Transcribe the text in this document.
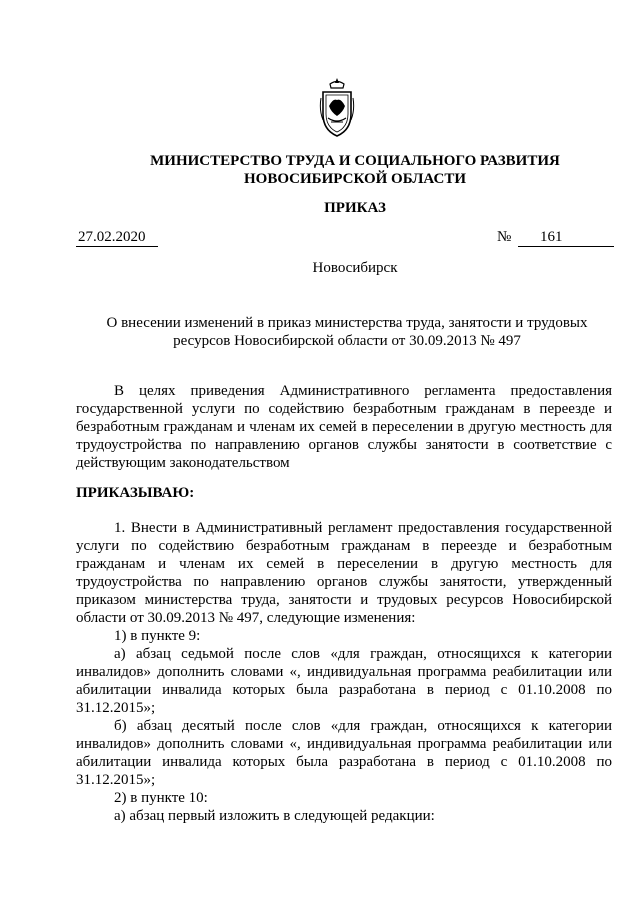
МИНИСТЕРСТВО ТРУДА И СОЦИАЛЬНОГО РАЗВИТИЯ
НОВОСИБИРСКОЙ ОБЛАСТИ
ПРИКАЗ
27.02.2020	№	161
Новосибирск
О внесении изменений в приказ министерства труда, занятости и трудовых
ресурсов Новосибирской области от 30.09.2013 № 497

В целях приведения Административного регламента предоставления государственной услуги по содействию безработным гражданам в переезде и безработным гражданам и членам их семей в переселении в другую местность для трудоустройства по направлению органов службы занятости в соответствие с действующим законодательством

ПРИКАЗЫВАЮ:

1. Внести в Административный регламент предоставления государственной услуги по содействию безработным гражданам в переезде и безработным гражданам и членам их семей в переселении в другую местность для трудоустройства по направлению органов службы занятости, утвержденный приказом министерства труда, занятости и трудовых ресурсов Новосибирской области от 30.09.2013 № 497, следующие изменения:

1) в пункте 9:

а) абзац седьмой после слов «для граждан, относящихся к категории инвалидов» дополнить словами «, индивидуальная программа реабилитации или абилитации инвалида которых была разработана в период с 01.10.2008 по 31.12.2015»;

б) абзац десятый после слов «для граждан, относящихся к категории инвалидов» дополнить словами «, индивидуальная программа реабилитации или абилитации инвалида которых была разработана в период с 01.10.2008 по 31.12.2015»;

2) в пункте 10:

а) абзац первый изложить в следующей редакции:
